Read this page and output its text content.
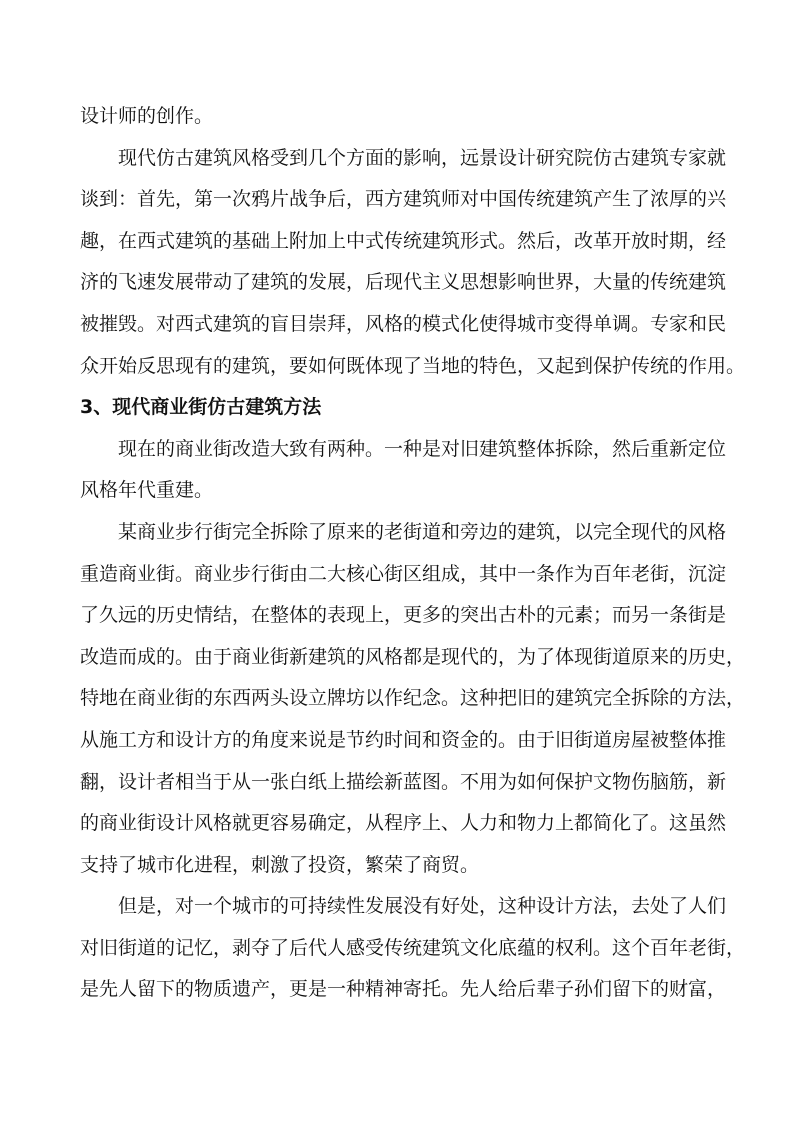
设计师的创作。
现代仿古建筑风格受到几个方面的影响，远景设计研究院仿古建筑专家就
谈到：首先，第一次鸦片战争后，西方建筑师对中国传统建筑产生了浓厚的兴
趣，在西式建筑的基础上附加上中式传统建筑形式。然后，改革开放时期，经
济的飞速发展带动了建筑的发展，后现代主义思想影响世界，大量的传统建筑
被摧毁。对西式建筑的盲目崇拜，风格的模式化使得城市变得单调。专家和民
众开始反思现有的建筑，要如何既体现了当地的特色，又起到保护传统的作用。
3、现代商业街仿古建筑方法
现在的商业街改造大致有两种。一种是对旧建筑整体拆除，然后重新定位
风格年代重建。
某商业步行街完全拆除了原来的老街道和旁边的建筑，以完全现代的风格
重造商业街。商业步行街由二大核心街区组成，其中一条作为百年老街，沉淀
了久远的历史情结，在整体的表现上，更多的突出古朴的元素；而另一条街是
改造而成的。由于商业街新建筑的风格都是现代的，为了体现街道原来的历史，
特地在商业街的东西两头设立牌坊以作纪念。这种把旧的建筑完全拆除的方法，
从施工方和设计方的角度来说是节约时间和资金的。由于旧街道房屋被整体推
翻，设计者相当于从一张白纸上描绘新蓝图。不用为如何保护文物伤脑筋，新
的商业街设计风格就更容易确定，从程序上、人力和物力上都简化了。这虽然
支持了城市化进程，刺激了投资，繁荣了商贸。
但是，对一个城市的可持续性发展没有好处，这种设计方法，去处了人们
对旧街道的记忆，剥夺了后代人感受传统建筑文化底蕴的权利。这个百年老街，
是先人留下的物质遗产，更是一种精神寄托。先人给后辈子孙们留下的财富，
